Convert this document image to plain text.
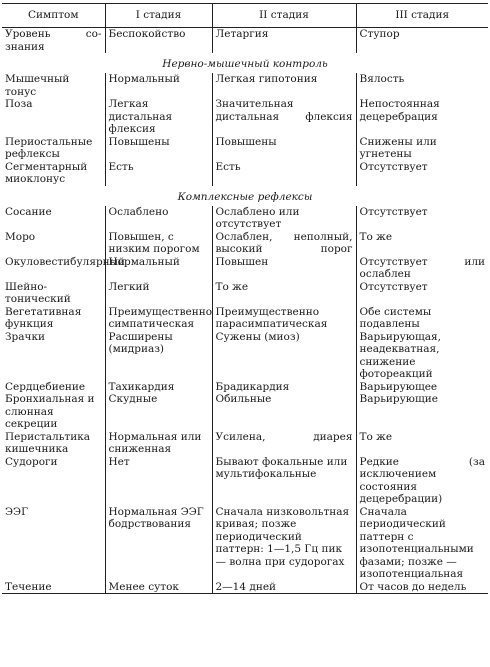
Симптом	I стадия	II стадия	III стадия
Уровень сознания	Беспокойство	Летаргия	Ступор
Нервно-мышечный контроль			
Мышечный тонус	Нормальный	Легкая гипотония	Вялость
Поза	Легкая дистальная флексия	Значительная дистальная флексия	Непостоянная децеребрация
Периостальные рефлексы	Повышены	Повышены	Снижены или угнетены
Сегментарный миоклонус	Есть	Есть	Отсутствует
Комплексные рефлексы			
Сосание	Ослаблено	Ослаблено или отсутствует	Отсутствует
Моро	Повышен, с низким порогом	Ослаблен, неполный, высокий порог	То же
Окуловестибулярный	Нормальный	Повышен	Отсутствует или ослаблен
Шейно-тонический	Легкий	То же	Отсутствует
Вегетативная функция	Преимущественно симпатическая	Преимущественно парасимпатическая	Обе системы подавлены
Зрачки	Расширены (мидриаз)	Сужены (миоз)	Варьирующая, неадекватная, снижение фотореакций
Сердцебиение	Тахикардия	Брадикардия	Варьирующее
Бронхиальная и слюнная секреции	Скудные	Обильные	Варьирующие
Перистальтика кишечника	Нормальная или сниженная	Усилена, диарея	То же
Судороги	Нет	Бывают фокальные или мультифокальные	Редкие (за исключением состояния децеребрации)
ЭЭГ	Нормальная ЭЭГ бодрствования	Сначала низковольтная кривая; позже периодический паттерн: 1—1,5 Гц пик — волна при судорогах	Сначала периодический паттерн с изопотенциальными фазами; позже — изопотенциальная
Течение	Менее суток	2—14 дней	От часов до недель
